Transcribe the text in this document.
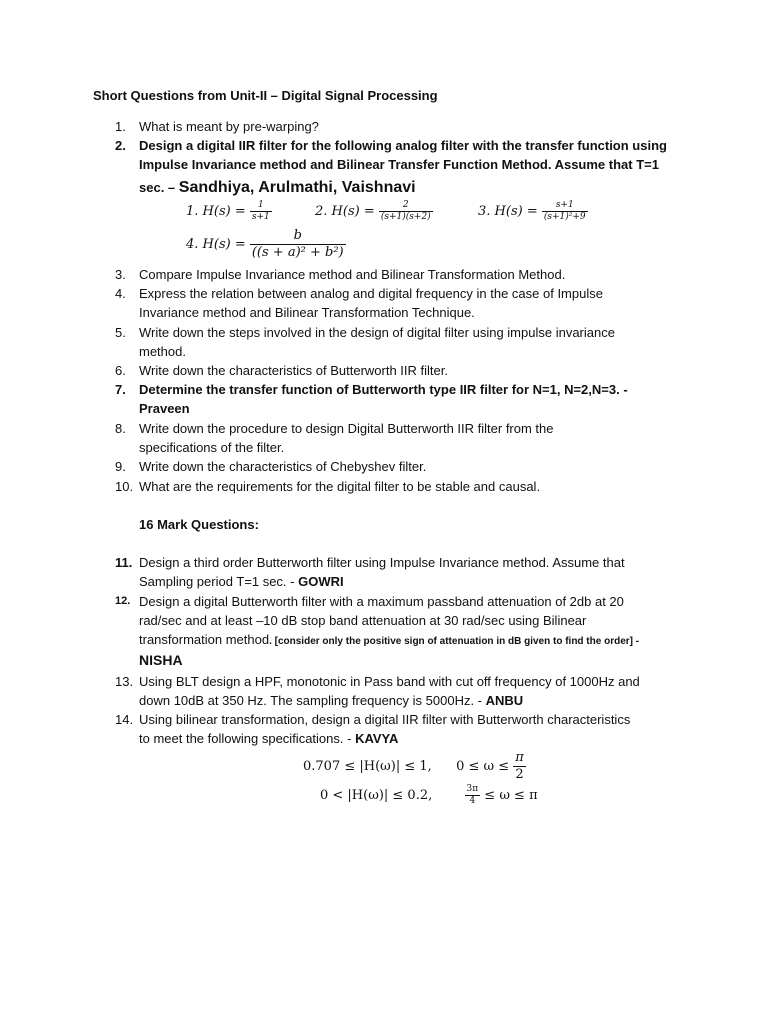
Short Questions from Unit-II – Digital Signal Processing
1.	What is meant by pre-warping?
2.	Design a digital IIR filter for the following analog filter with the transfer function using
Impulse Invariance method and Bilinear Transfer Function Method. Assume that T=1
sec. – Sandhiya, Arulmathi, Vaishnavi
1. $H(s) = \frac{1}{s+1}$	2. $H(s) = \frac{2}{(s+1)(s+2)}$	3. $H(s) = \frac{s+1}{\text{(s+1)²+9}}$
4. $H(s) = \frac{b}{\text{((s + a)² + b²)}}$
3.	Compare Impulse Invariance method and Bilinear Transformation Method.
4.	Express the relation between analog and digital frequency in the case of Impulse
Invariance method and Bilinear Transformation Technique.
5.	Write down the steps involved in the design of digital filter using impulse invariance
method.
6.	Write down the characteristics of Butterworth IIR filter.
7.	Determine the transfer function of Butterworth type IIR filter for N=1, N=2,N=3. -
Praveen
8.	Write down the procedure to design Digital Butterworth IIR filter from the
specifications of the filter.
9.	Write down the characteristics of Chebyshev filter.
10. What are the requirements for the digital filter to be stable and causal.
16 Mark Questions:
11. Design a third order Butterworth filter using Impulse Invariance method. Assume that
Sampling period T=1 sec. - GOWRI
12. Design a digital Butterworth filter with a maximum passband attenuation of 2db at 20
rad/sec and at least –10 dB stop band attenuation at 30 rad/sec using Bilinear
transformation method. [consider only the positive sign of attenuation in dB given to find the order] -
NISHA
13. Using BLT design a HPF, monotonic in Pass band with cut off frequency of 1000Hz and
down 10dB at 350 Hz. The sampling frequency is 5000Hz. - ANBU
14. Using bilinear transformation, design a digital IIR filter with Butterworth characteristics
to meet the following specifications. - KAVYA
0.707 ≤ |H(ω)| ≤ 1, $0 \le \omega \le \frac{\pi}{2}$
0 < |H(ω)| ≤ 0.2,	$\frac{3\pi}{4} \le \omega \le \pi$
